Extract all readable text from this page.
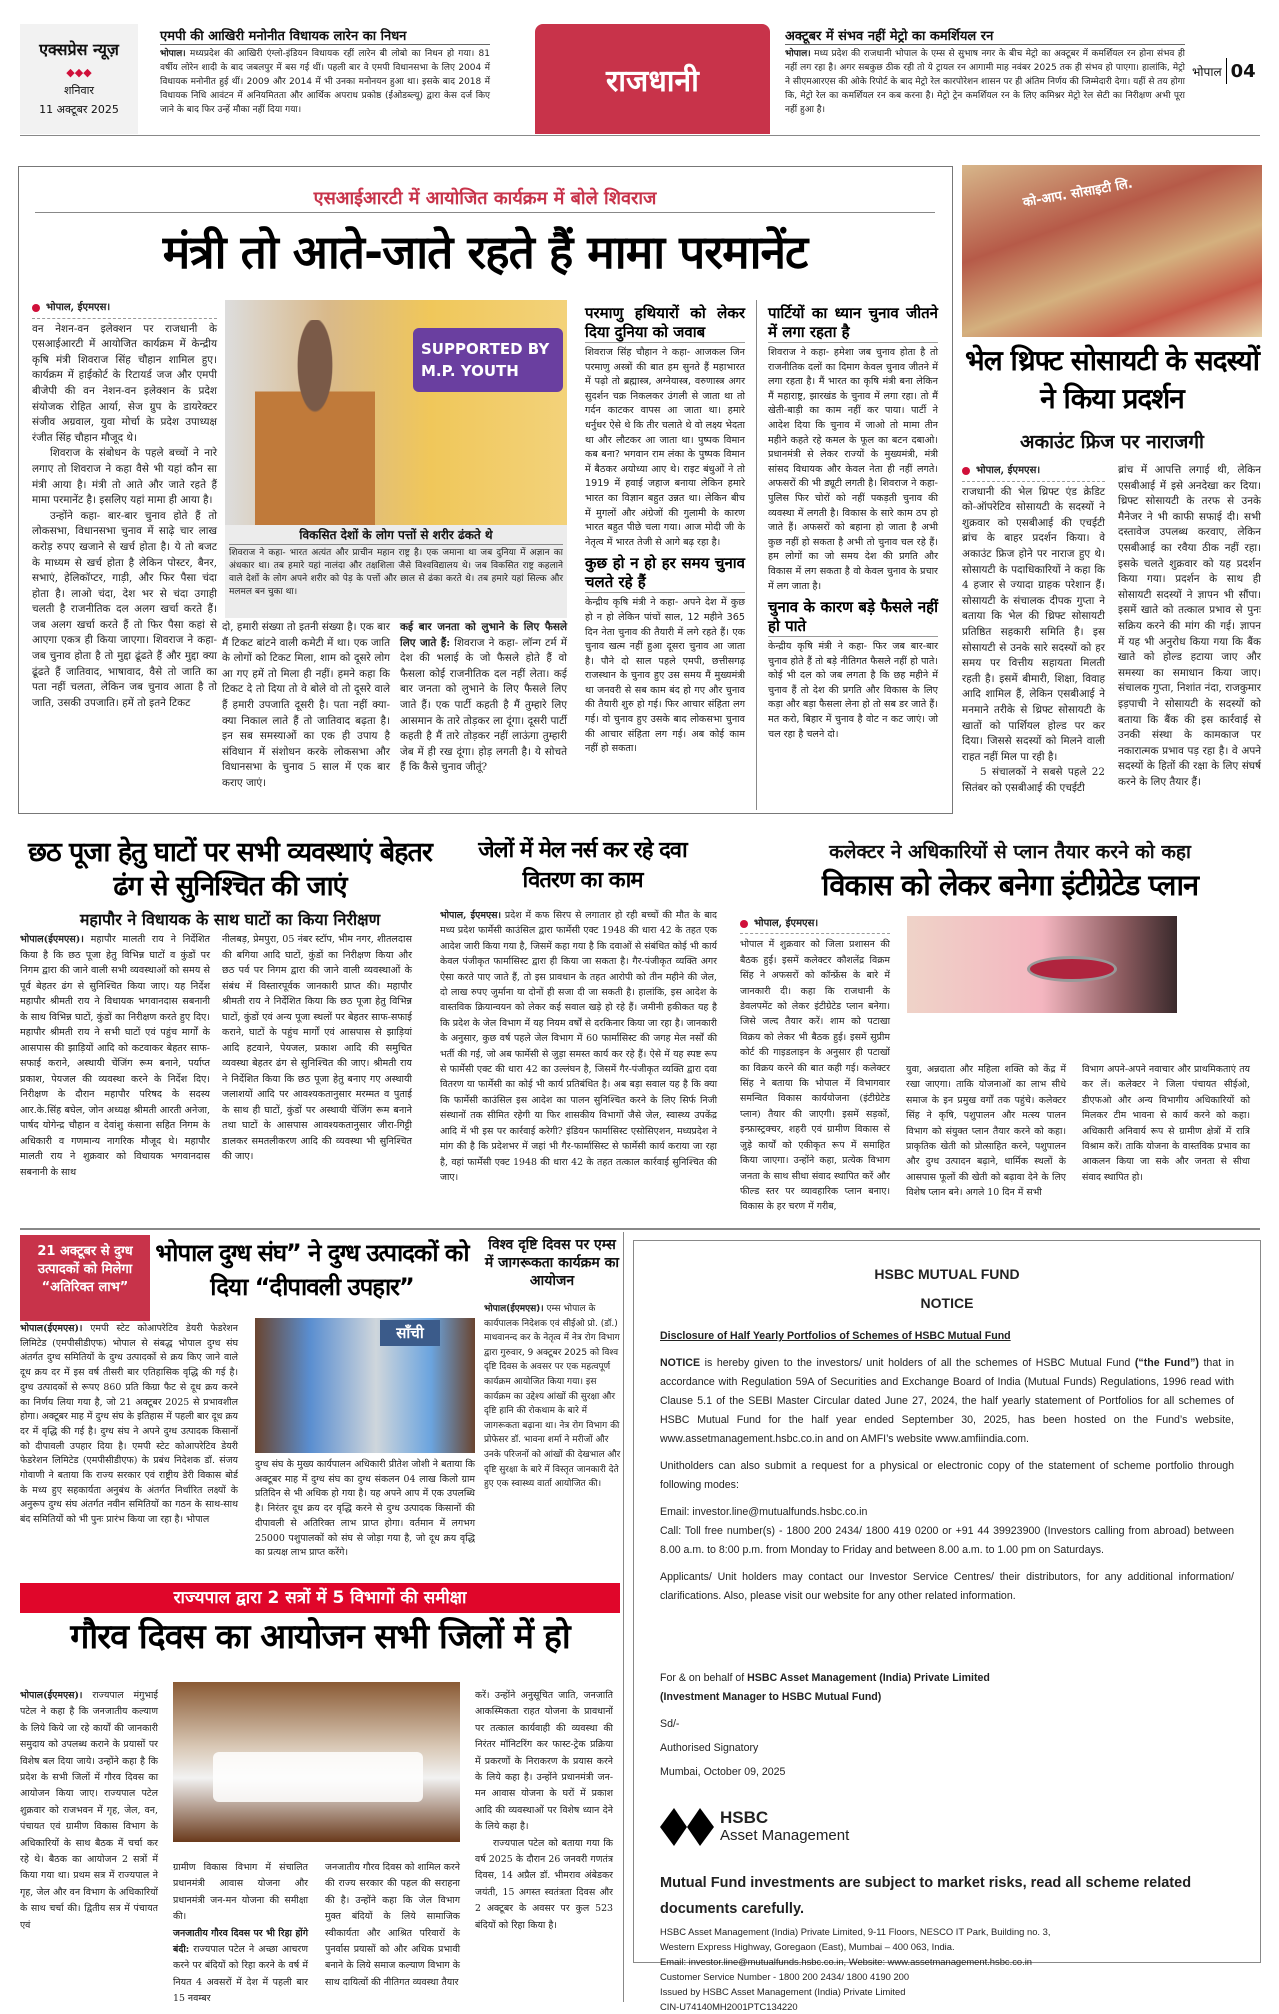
एक्सप्रेस न्यूज़
◆◆◆
शनिवार
11 अक्टूबर 2025
एमपी की आखिरी मनोनीत विधायक लारेन का निधन
भोपाल। मध्यप्रदेश की आखिरी एंग्लो-इंडियन विधायक रहीं लारेन बी लोबो का निधन हो गया। 81 वर्षीय लोरेन शादी के बाद जबलपुर में बस गई थीं। पहली बार वे एमपी विधानसभा के लिए 2004 में विधायक मनोनीत हुई थीं। 2009 और 2014 में भी उनका मनोनयन हुआ था। इसके बाद 2018 में विधायक निधि आवंटन में अनियमितता और आर्थिक अपराध प्रकोष्ठ (ईओडब्ल्यू) द्वारा केस दर्ज किए जाने के बाद फिर उन्हें मौका नहीं दिया गया।
राजधानी
अक्टूबर में संभव नहीं मेट्रो का कमर्शियल रन
भोपाल। मध्य प्रदेश की राजधानी भोपाल के एम्स से सुभाष नगर के बीच मेट्रो का अक्टूबर में कमर्शियल रन होना संभव ही नहीं लग रहा है। अगर सबकुछ ठीक रही तो ये ट्रायल रन आगामी माह नवंबर 2025 तक ही संभव हो पाएगा। हालांकि, मेट्रो ने सीएमआरएस की ओके रिपोर्ट के बाद मेट्रो रेल कारपोरेशन शासन पर ही अंतिम निर्णय की जिम्मेदारी देगा। यहीं से तय होगा कि, मेट्रो रेल का कमर्शियल रन कब करना है। मेट्रो ट्रेन कमर्शियल रन के लिए कमिश्नर मेट्रो रेल सेटी का निरीक्षण अभी पूरा नहीं हुआ है।
भोपाल 04
एसआईआरटी में आयोजित कार्यक्रम में बोले शिवराज
मंत्री तो आते-जाते रहते हैं मामा परमानेंट
भोपाल, ईएमएस।

वन नेशन-वन इलेक्शन पर राजधानी के एसआईआरटी में आयोजित कार्यक्रम में केन्द्रीय कृषि मंत्री शिवराज सिंह चौहान शामिल हुए। कार्यक्रम में हाईकोर्ट के रिटायर्ड जज और एमपी बीजेपी की वन नेशन-वन इलेक्शन के प्रदेश संयोजक रोहित आर्या, सेज ग्रुप के डायरेक्टर संजीव अग्रवाल, युवा मोर्चा के प्रदेश उपाध्यक्ष रंजीत सिंह चौहान मौजूद थे।

शिवराज के संबोधन के पहले बच्चों ने नारे लगाए तो शिवराज ने कहा वैसे भी यहां कौन सा मंत्री आया है। मंत्री तो आते और जाते रहते हैं मामा परमानेंट है। इसलिए यहां मामा ही आया है।

उन्होंने कहा- बार-बार चुनाव होते हैं तो लोकसभा, विधानसभा चुनाव में साढ़े चार लाख करोड़ रुपए खजाने से खर्च होता है। ये तो बजट के माध्यम से खर्च होता है लेकिन पोस्टर, बैनर, सभाएं, हेलिकॉप्टर, गाड़ी, और फिर पैसा चंदा होता है। लाओ चंदा, देश भर से चंदा उगाही चलती है राजनीतिक दल अलग खर्चा करते हैं। जब अलग खर्चा करते हैं तो फिर पैसा कहां से आएगा एकत्र ही किया जाएगा। शिवराज ने कहा- जब चुनाव होता है तो मुद्दा ढूंढते हैं और मुद्दा क्या ढूंढते हैं जातिवाद, भाषावाद, वैसे तो जाति का पता नहीं चलता, लेकिन जब चुनाव आता है तो जाति, उसकी उपजाति। हमें तो इतने टिकट

SUPPORTED BY M.P. YOUTH
विकसित देशों के लोग पत्तों से शरीर ढंकते थे
शिवराज ने कहा- भारत अत्यंत और प्राचीन महान राष्ट्र है। एक जमाना था जब दुनिया में अज्ञान का अंधकार था। तब हमारे यहां नालंदा और तक्षशिला जैसे विश्वविद्यालय थे। जब विकसित राष्ट्र कहलाने वाले देशों के लोग अपने शरीर को पेड़ के पत्तों और छाल से ढंका करते थे। तब हमारे यहां सिल्क और मलमल बन चुका था।
दो, हमारी संख्या तो इतनी संख्या है। एक बार मैं टिकट बांटने वाली कमेटी में था। एक जाति के लोगों को टिकट मिला, शाम को दूसरे लोग आ गए हमें तो मिला ही नहीं। हमने कहा कि टिकट दे तो दिया तो वे बोले वो तो दूसरे वाले हैं हमारी उपजाति दूसरी है। पता नहीं क्या-क्या निकाल लाते हैं तो जातिवाद बढ़ता है। इन सब समस्याओं का एक ही उपाय है संविधान में संशोधन करके लोकसभा और विधानसभा के चुनाव 5 साल में एक बार कराए जाएं।
कई बार जनता को लुभाने के लिए फैसले लिए जाते हैं: शिवराज ने कहा- लॉन्ग टर्म में देश की भलाई के जो फैसले होते हैं वो फैसला कोई राजनीतिक दल नहीं लेता। कई बार जनता को लुभाने के लिए फैसले लिए जाते हैं। एक पार्टी कहती है मैं तुम्हारे लिए आसमान के तारे तोड़कर ला दूंगा। दूसरी पार्टी कहती है मैं तारे तोड़कर नहीं लाऊंगा तुम्हारी जेब में ही रख दूंगा। होड़ लगती है। ये सोचते हैं कि कैसे चुनाव जीतूं?
परमाणु हथियारों को लेकर दिया दुनिया को जवाब
शिवराज सिंह चौहान ने कहा- आजकल जिन परमाणु अस्त्रों की बात हम सुनते हैं महाभारत में पढ़ो तो ब्रह्मास्त्र, अग्नेयास्त्र, वरुणास्त्र अगर सुदर्शन चक्र निकलकर उंगली से जाता था तो गर्दन काटकर वापस आ जाता था। हमारे धर्नुधर ऐसे थे कि तीर चलाते थे वो लक्ष्य भेदता था और लौटकर आ जाता था। पुष्पक विमान कब बना? भगवान राम लंका के पुष्पक विमान में बैठकर अयोध्या आए थे। राइट बंधुओं ने तो 1919 में हवाई जहाज बनाया लेकिन हमारे भारत का विज्ञान बहुत उन्नत था। लेकिन बीच में मुगलों और अंग्रेजों की गुलामी के कारण भारत बहुत पीछे चला गया। आज मोदी जी के नेतृत्व में भारत तेजी से आगे बढ़ रहा है।
कुछ हो न हो हर समय चुनाव चलते रहे हैं
केन्द्रीय कृषि मंत्री ने कहा- अपने देश में कुछ हो न हो लेकिन पांचों साल, 12 महीने 365 दिन नेता चुनाव की तैयारी में लगे रहते हैं। एक चुनाव खत्म नहीं हुआ दूसरा चुनाव आ जाता है। पौने दो साल पहले एमपी, छत्तीसगढ़ राजस्थान के चुनाव हुए उस समय मैं मुख्यमंत्री था जनवरी से सब काम बंद हो गए और चुनाव की तैयारी शुरु हो गई। फिर आचार संहिता लग गई। वो चुनाव हुए उसके बाद लोकसभा चुनाव की आचार संहिता लग गई। अब कोई काम नहीं हो सकता।
पार्टियों का ध्यान चुनाव जीतने में लगा रहता है
शिवराज ने कहा- हमेशा जब चुनाव होता है तो राजनीतिक दलों का दिमाग केवल चुनाव जीतने में लगा रहता है। मैं भारत का कृषि मंत्री बना लेकिन मैं महाराष्ट्र, झारखंड के चुनाव में लगा रहा। तो मैं खेती-बाड़ी का काम नहीं कर पाया। पार्टी ने आदेश दिया कि चुनाव में जाओ तो मामा तीन महीने कहते रहे कमल के फूल का बटन दबाओ। प्रधानमंत्री से लेकर राज्यों के मुख्यमंत्री, मंत्री सांसद विधायक और केवल नेता ही नहीं लगते। अफसरों की भी ड्यूटी लगती है। शिवराज ने कहा- पुलिस फिर चोरों को नहीं पकड़ती चुनाव की व्यवस्था में लगती है। विकास के सारे काम ठप हो जाते हैं। अफसरों को बहाना हो जाता है अभी कुछ नहीं हो सकता है अभी तो चुनाव चल रहे हैं। हम लोगों का जो समय देश की प्रगति और विकास में लग सकता है वो केवल चुनाव के प्रचार में लग जाता है।
चुनाव के कारण बड़े फैसले नहीं हो पाते
केन्द्रीय कृषि मंत्री ने कहा- फिर जब बार-बार चुनाव होते हैं तो बड़े नीतिगत फैसले नहीं हो पाते। कोई भी दल को जब लगता है कि छह महीने में चुनाव हैं तो देश की प्रगति और विकास के लिए कड़ा और बड़ा फैसला लेना हो तो सब डर जाते हैं। मत करो, बिहार में चुनाव है वोट न कट जाएं। जो चल रहा है चलने दो।
को-आप. सोसाइटी लि.
भेल थ्रिफ्ट सोसायटी के सदस्यों ने किया प्रदर्शन
अकाउंट फ्रिज पर नाराजगी
भोपाल, ईएमएस।

राजधानी की भेल थ्रिफ्ट एंड क्रेडिट को-ऑपरेटिव सोसायटी के सदस्यों ने शुक्रवार को एसबीआई की एचईटी ब्रांच के बाहर प्रदर्शन किया। वे अकाउंट फ्रिज होने पर नाराज हुए थे। सोसायटी के पदाधिकारियों ने कहा कि 4 हजार से ज्यादा ग्राहक परेशान हैं। सोसायटी के संचालक दीपक गुप्ता ने बताया कि भेल की थ्रिफ्ट सोसायटी प्रतिष्ठित सहकारी समिति है। इस सोसायटी से उनके सारे सदस्यों को हर समय पर वित्तीय सहायता मिलती रहती है। इसमें बीमारी, शिक्षा, विवाह आदि शामिल हैं, लेकिन एसबीआई ने मनमाने तरीके से थ्रिफ्ट सोसायटी के खातों को पार्शियल होल्ड पर कर दिया। जिससे सदस्यों को मिलने वाली राहत नहीं मिल पा रही है।

5 संचालकों ने सबसे पहले 22 सितंबर को एसबीआई की एचईटी

ब्रांच में आपत्ति लगाई थी, लेकिन एसबीआई में इसे अनदेखा कर दिया। थ्रिफ्ट सोसायटी के तरफ से उनके मैनेजर ने भी काफी सफाई दी। सभी दस्तावेज उपलब्ध करवाए, लेकिन एसबीआई का रवैया ठीक नहीं रहा। इसके चलते शुक्रवार को यह प्रदर्शन किया गया। प्रदर्शन के साथ ही सोसायटी सदस्यों ने ज्ञापन भी सौंपा। इसमें खाते को तत्काल प्रभाव से पुनः सक्रिय करने की मांग की गई। ज्ञापन में यह भी अनुरोध किया गया कि बैंक खाते को होल्ड हटाया जाए और समस्या का समाधान किया जाए। संचालक गुप्ता, निशांत नंदा, राजकुमार इड़पाची ने सोसायटी के सदस्यों को बताया कि बैंक की इस कार्रवाई से उनकी संस्था के कामकाज पर नकारात्मक प्रभाव पड़ रहा है। वे अपने सदस्यों के हितों की रक्षा के लिए संघर्ष करने के लिए तैयार हैं।
छठ पूजा हेतु घाटों पर सभी व्यवस्थाएं बेहतर ढंग से सुनिश्चित की जाएं
महापौर ने विधायक के साथ घाटों का किया निरीक्षण
भोपाल(ईएमएस)। महापौर मालती राय ने निर्देशित किया है कि छठ पूजा हेतु विभिन्न घाटों व कुंडों पर निगम द्वारा की जाने वाली सभी व्यवस्थाओं को समय से पूर्व बेहतर ढंग से सुनिश्चित किया जाए। यह निर्देश महापौर श्रीमती राय ने विधायक भगवानदास सबनानी के साथ विभिन्न घाटों, कुंडों का निरीक्षण करते हुए दिए। महापौर श्रीमती राय ने सभी घाटों एवं पहुंच मार्गों के आसपास की झाड़ियों आदि को कटवाकर बेहतर साफ-सफाई कराने, अस्थायी चेंजिंग रूम बनाने, पर्याप्त प्रकाश, पेयजल की व्यवस्था करने के निर्देश दिए। निरीक्षण के दौरान महापौर परिषद के सदस्य आर.के.सिंह बघेल, जोन अध्यक्ष श्रीमती आरती अनेजा, पार्षद योगेन्द्र चौहान व देवांशु कंसाना सहित निगम के अधिकारी व गणमान्य नागरिक मौजूद थे। महापौर मालती राय ने शुक्रवार को विधायक भगवानदास सबनानी के साथ
नीलबड़, प्रेमपुरा, 05 नंबर स्टॉप, भीम नगर, शीतलदास की बगिया आदि घाटों, कुंडों का निरीक्षण किया और छठ पर्व पर निगम द्वारा की जाने वाली व्यवस्थाओं के संबंध में विस्तारपूर्वक जानकारी प्राप्त की। महापौर श्रीमती राय ने निर्देशित किया कि छठ पूजा हेतु विभिन्न घाटों, कुंडों एवं अन्य पूजा स्थलों पर बेहतर साफ-सफाई कराने, घाटों के पहुंच मार्गों एवं आसपास से झाड़ियां आदि हटवाने, पेयजल, प्रकाश आदि की समुचित व्यवस्था बेहतर ढंग से सुनिश्चित की जाए। श्रीमती राय ने निर्देशित किया कि छठ पूजा हेतु बनाए गए अस्थायी जलाशयों आदि पर आवश्यकतानुसार मरम्मत व पुताई के साथ ही घाटों, कुंडों पर अस्थायी चेंजिंग रूम बनाने तथा घाटों के आसपास आवश्यकतानुसार जीरा-गिट्टी डालकर समतलीकरण आदि की व्यवस्था भी सुनिश्चित की जाए।
जेलों में मेल नर्स कर रहे दवा वितरण का काम
भोपाल, ईएमएस। प्रदेश में कफ सिरप से लगातार हो रही बच्चों की मौत के बाद मध्य प्रदेश फार्मेसी काउंसिल द्वारा फार्मेसी एक्ट 1948 की धारा 42 के तहत एक आदेश जारी किया गया है, जिसमें कहा गया है कि दवाओं से संबंधित कोई भी कार्य केवल पंजीकृत फार्मासिस्ट द्वारा ही किया जा सकता है। गैर-पंजीकृत व्यक्ति अगर ऐसा करते पाए जाते हैं, तो इस प्रावधान के तहत आरोपी को तीन महीने की जेल, दो लाख रुपए जुर्माना या दोनों ही सजा दी जा सकती है। हालांकि, इस आदेश के वास्तविक क्रियान्वयन को लेकर कई सवाल खड़े हो रहे हैं। जमीनी हकीकत यह है कि प्रदेश के जेल विभाग में यह नियम वर्षों से दरकिनार किया जा रहा है। जानकारी के अनुसार, कुछ वर्ष पहले जेल विभाग में 60 फार्मासिस्ट की जगह मेल नर्सों की भर्ती की गई, जो अब फार्मेसी से जुड़ा समस्त कार्य कर रहे हैं। ऐसे में यह स्पष्ट रूप से फार्मेसी एक्ट की धारा 42 का उल्लंघन है, जिसमें गैर-पंजीकृत व्यक्ति द्वारा दवा वितरण या फार्मेसी का कोई भी कार्य प्रतिबंधित है। अब बड़ा सवाल यह है कि क्या कि फार्मेसी काउंसिल इस आदेश का पालन सुनिश्चित करने के लिए सिर्फ निजी संस्थानों तक सीमित रहेगी या फिर शासकीय विभागों जैसे जेल, स्वास्थ्य उपकेंद्र आदि में भी इस पर कार्रवाई करेगी? इंडियन फार्मासिस्ट एसोसिएशन, मध्यप्रदेश ने मांग की है कि प्रदेशभर में जहां भी गैर-फार्मासिस्ट से फार्मेसी कार्य कराया जा रहा है, वहां फार्मेसी एक्ट 1948 की धारा 42 के तहत तत्काल कार्रवाई सुनिश्चित की जाए।
कलेक्टर ने अधिकारियों से प्लान तैयार करने को कहा
विकास को लेकर बनेगा इंटीग्रेटेड प्लान
भोपाल, ईएमएस।
भोपाल में शुक्रवार को जिला प्रशासन की बैठक हुई। इसमें कलेक्टर कौशलेंद्र विक्रम सिंह ने अफसरों को कॉन्फ्रेंस के बारे में जानकारी दी। कहा कि राजधानी के डेवलपमेंट को लेकर इंटीग्रेटेड प्लान बनेगा। जिसे जल्द तैयार करें। शाम को पटाखा विक्रय को लेकर भी बैठक हुई। इसमें सुप्रीम कोर्ट की गाइडलाइन के अनुसार ही पटाखों का विक्रय करने की बात कही गई। कलेक्टर सिंह ने बताया कि भोपाल में विभागवार समन्वित विकास कार्ययोजना (इंटीग्रेटेड प्लान) तैयार की जाएगी। इसमें सड़कों, इन्फ्रास्ट्रक्चर, शहरी एवं ग्रामीण विकास से जुड़े कार्यों को एकीकृत रूप में समाहित किया जाएगा। उन्होंने कहा, प्रत्येक विभाग जनता के साथ सीधा संवाद स्थापित करें और फील्ड स्तर पर व्यावहारिक प्लान बनाए। विकास के हर चरण में गरीब,
युवा, अन्नदाता और महिला शक्ति को केंद्र में रखा जाएगा। ताकि योजनाओं का लाभ सीधे समाज के इन प्रमुख वर्गों तक पहुंचे। कलेक्टर सिंह ने कृषि, पशुपालन और मत्स्य पालन विभाग को संयुक्त प्लान तैयार करने को कहा। प्राकृतिक खेती को प्रोत्साहित करने, पशुपालन और दुग्ध उत्पादन बढ़ाने, धार्मिक स्थलों के आसपास फूलों की खेती को बढ़ावा देने के लिए विशेष प्लान बने। अगले 10 दिन में सभी
विभाग अपने-अपने नवाचार और प्राथमिकताएं तय कर लें। कलेक्टर ने जिला पंचायत सीईओ, डीएफओ और अन्य विभागीय अधिकारियों को मिलकर टीम भावना से कार्य करने को कहा। अधिकारी अनिवार्य रूप से ग्रामीण क्षेत्रों में रात्रि विश्राम करें। ताकि योजना के वास्तविक प्रभाव का आकलन किया जा सके और जनता से सीधा संवाद स्थापित हो।
21 अक्टूबर से दुग्ध उत्पादकों को मिलेगा “अतिरिक्त लाभ”
भोपाल दुग्ध संघ” ने दुग्ध उत्पादकों को दिया “दीपावली उपहार”
भोपाल(ईएमएस)। एमपी स्टेट कोआपरेटिव डेयरी फेडरेशन लिमिटेड (एमपीसीडीएफ) भोपाल से संबद्ध भोपाल दुग्ध संघ अंतर्गत दुग्ध समितियों के दुग्ध उत्पादकों से क्रय किए जाने वाले दूध क्रय दर में इस वर्ष तीसरी बार एतिहासिक वृद्धि की गई है। दुग्ध उत्पादकों से रूपए 860 प्रति किग्रा फैट से दूध क्रय करने का निर्णय लिया गया है, जो 21 अक्टूबर 2025 से प्रभावशील होगा। अक्टूबर माह में दुग्ध संघ के इतिहास में पहली बार दूध क्रय दर में वृद्धि की गई है। दुग्ध संघ ने अपने दुग्ध उत्पादक किसानों को दीपावली उपहार दिया है। एमपी स्टेट कोआपरेटिव डेयरी फेडरेशन लिमिटेड (एमपीसीडीएफ) के प्रबंध निदेशक डॉ. संजय गोवाणी ने बताया कि राज्य सरकार एवं राष्ट्रीय डेरी विकास बोर्ड के मध्य हुए सहकार्यता अनुबंध के अंतर्गत निर्धारित लक्ष्यों के अनुरूप दुग्ध संघ अंतर्गत नवीन समितियों का गठन के साथ-साथ बंद समितियों को भी पुनः प्रारंभ किया जा रहा है। भोपाल
साँची
दुग्ध संघ के मुख्य कार्यपालन अधिकारी प्रीतेश जोशी ने बताया कि अक्टूबर माह में दुग्ध संघ का दुग्ध संकलन 04 लाख किलो ग्राम प्रतिदिन से भी अधिक हो गया है। यह अपने आप में एक उपलब्धि है। निरंतर दूध क्रय दर वृद्धि करने से दुग्ध उत्पादक किसानों की दीपावली से अतिरिक्त लाभ प्राप्त होगा। वर्तमान में लगभग 25000 पशुपालकों को संघ से जोड़ा गया है, जो दूध क्रय वृद्धि का प्रत्यक्ष लाभ प्राप्त करेंगे।
विश्व दृष्टि दिवस पर एम्स में जागरूकता कार्यक्रम का आयोजन
भोपाल(ईएमएस)। एम्स भोपाल के कार्यपालक निदेशक एवं सीईओ प्रो. (डॉ.) माधवानन्द कर के नेतृत्व में नेत्र रोग विभाग द्वारा गुरुवार, 9 अक्टूबर 2025 को विश्व दृष्टि दिवस के अवसर पर एक महत्वपूर्ण कार्यक्रम आयोजित किया गया। इस कार्यक्रम का उद्देश्य आंखों की सुरक्षा और दृष्टि हानि की रोकथाम के बारे में जागरूकता बढ़ाना था। नेत्र रोग विभाग की प्रोफेसर डॉ. भावना शर्मा ने मरीजों और उनके परिजनों को आंखों की देखभाल और दृष्टि सुरक्षा के बारे में विस्तृत जानकारी देते हुए एक स्वास्थ्य वार्ता आयोजित की।
राज्यपाल द्वारा 2 सत्रों में 5 विभागों की समीक्षा
गौरव दिवस का आयोजन सभी जिलों में हो
भोपाल(ईएमएस)। राज्यपाल मंगुभाई पटेल ने कहा है कि जनजातीय कल्याण के लिये किये जा रहे कार्यों की जानकारी समुदाय को उपलब्ध कराने के प्रयासों पर विशेष बल दिया जाये। उन्होंने कहा है कि प्रदेश के सभी जिलों में गौरव दिवस का आयोजन किया जाए। राज्यपाल पटेल शुक्रवार को राजभवन में गृह, जेल, वन, पंचायत एवं ग्रामीण विकास विभाग के अधिकारियों के साथ बैठक में चर्चा कर रहे थे। बैठक का आयोजन 2 सत्रों में किया गया था। प्रथम सत्र में राज्यपाल ने गृह, जेल और वन विभाग के अधिकारियों के साथ चर्चा की। द्वितीय सत्र में पंचायत एवं
ग्रामीण विकास विभाग में संचालित प्रधानमंत्री आवास योजना और प्रधानमंत्री जन-मन योजना की समीक्षा की।
जनजातीय गौरव दिवस पर भी रिहा होंगे बंदी: राज्यपाल पटेल ने अच्छा आचरण करने पर बंदियों को रिहा करने के वर्ष में नियत 4 अवसरों में देश में पहली बार 15 नवम्बर
जनजातीय गौरव दिवस को शामिल करने की राज्य सरकार की पहल की सराहना की है। उन्होंने कहा कि जेल विभाग मुक्त बंदियों के लिये सामाजिक स्वीकार्यता और आश्रित परिवारों के पुनर्वास प्रयासों को और अधिक प्रभावी बनाने के लिये समाज कल्याण विभाग के साथ दायित्वों की नीतिगत व्यवस्था तैयार

करें। उन्होंने अनुसूचित जाति, जनजाति आकस्मिकता राहत योजना के प्रावधानों पर तत्काल कार्यवाही की व्यवस्था की निरंतर मॉनिटरिंग कर फास्ट-ट्रेक प्रक्रिया में प्रकरणों के निराकरण के प्रयास करने के लिये कहा है। उन्होंने प्रधानमंत्री जन-मन आवास योजना के घरों में प्रकाश आदि की व्यवस्थाओं पर विशेष ध्यान देने के लिये कहा है।

राज्यपाल पटेल को बताया गया कि वर्ष 2025 के दौरान 26 जनवरी गणतंत्र दिवस, 14 अप्रैल डॉ. भीमराव अंबेडकर जयंती, 15 अगस्त स्वतंत्रता दिवस और 2 अक्टूबर के अवसर पर कुल 523 बंदियों को रिहा किया है।

HSBC MUTUAL FUND
NOTICE
Disclosure of Half Yearly Portfolios of Schemes of HSBC Mutual Fund
NOTICE is hereby given to the investors/ unit holders of all the schemes of HSBC Mutual Fund (“the Fund”) that in accordance with Regulation 59A of Securities and Exchange Board of India (Mutual Funds) Regulations, 1996 read with Clause 5.1 of the SEBI Master Circular dated June 27, 2024, the half yearly statement of Portfolios for all schemes of HSBC Mutual Fund for the half year ended September 30, 2025, has been hosted on the Fund’s website, www.assetmanagement.hsbc.co.in and on AMFI’s website www.amfiindia.com.
Unitholders can also submit a request for a physical or electronic copy of the statement of scheme portfolio through following modes:
Email: investor.line@mutualfunds.hsbc.co.in
Call: Toll free number(s) - 1800 200 2434/ 1800 419 0200 or +91 44 39923900 (Investors calling from abroad) between 8.00 a.m. to 8:00 p.m. from Monday to Friday and between 8.00 a.m. to 1.00 pm on Saturdays.
Applicants/ Unit holders may contact our Investor Service Centres/ their distributors, for any additional information/ clarifications. Also, please visit our website for any other related information.
For & on behalf of HSBC Asset Management (India) Private Limited
(Investment Manager to HSBC Mutual Fund)
Sd/-
Authorised Signatory
Mumbai, October 09, 2025
HSBC
Asset Management
Mutual Fund investments are subject to market risks, read all scheme related documents carefully.
HSBC Asset Management (India) Private Limited, 9-11 Floors, NESCO IT Park, Building no. 3,
Western Express Highway, Goregaon (East), Mumbai – 400 063, India.
Email: investor.line@mutualfunds.hsbc.co.in, Website: www.assetmanagement.hsbc.co.in
Customer Service Number - 1800 200 2434/ 1800 4190 200
Issued by HSBC Asset Management (India) Private Limited
CIN-U74140MH2001PTC134220
